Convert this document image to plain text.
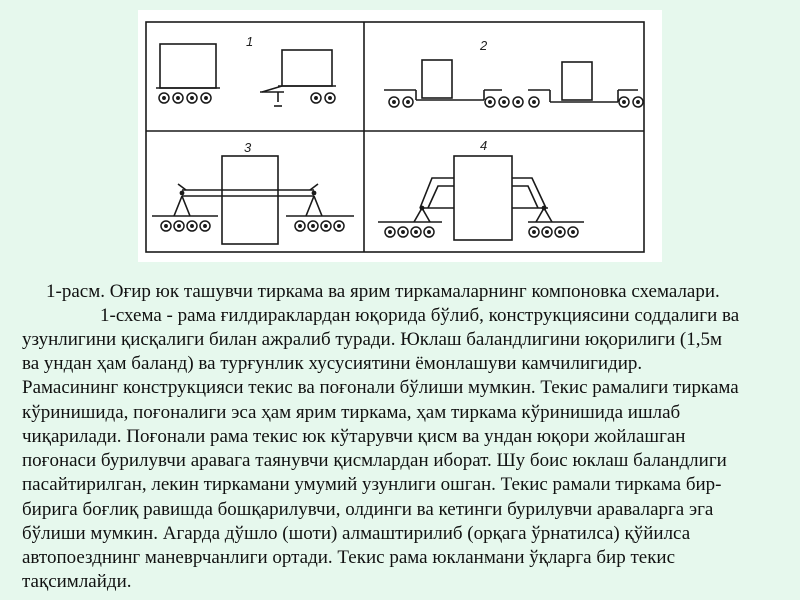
1	2
3	4
1-расм. Оғир юк ташувчи тиркама ва ярим тиркамаларнинг компоновка схемалари.
1-схема - рама ғилдираклардан юқорида бўлиб, конструкциясини соддалиги ва
узунлигини қисқалиги билан ажралиб туради. Юклаш баландлигини юқорилиги (1,5м
ва ундан ҳам баланд) ва турғунлик хусусиятини ёмонлашуви камчилигидир.
Рамасининг конструкцияси текис ва поғонали бўлиши мумкин. Текис рамалиги тиркама
кўринишида, поғоналиги эса ҳам ярим тиркама, ҳам тиркама кўринишида ишлаб
чиқарилади. Поғонали рама текис юк кўтарувчи қисм ва ундан юқори жойлашган
поғонаси бурилувчи аравага таянувчи қисмлардан иборат. Шу боис юклаш баландлиги
пасайтирилган, лекин тиркамани умумий узунлиги ошган. Текис рамали тиркама бир-
бирига боғлиқ равишда бошқарилувчи, олдинги ва кетинги бурилувчи араваларга эга
бўлиши мумкин. Агарда дўшло (шоти) алмаштирилиб (орқага ўрнатилса) қўйилса
автопоезднинг маневрчанлиги ортади. Текис рама юкланмани ўқларга бир текис
тақсимлайди.
